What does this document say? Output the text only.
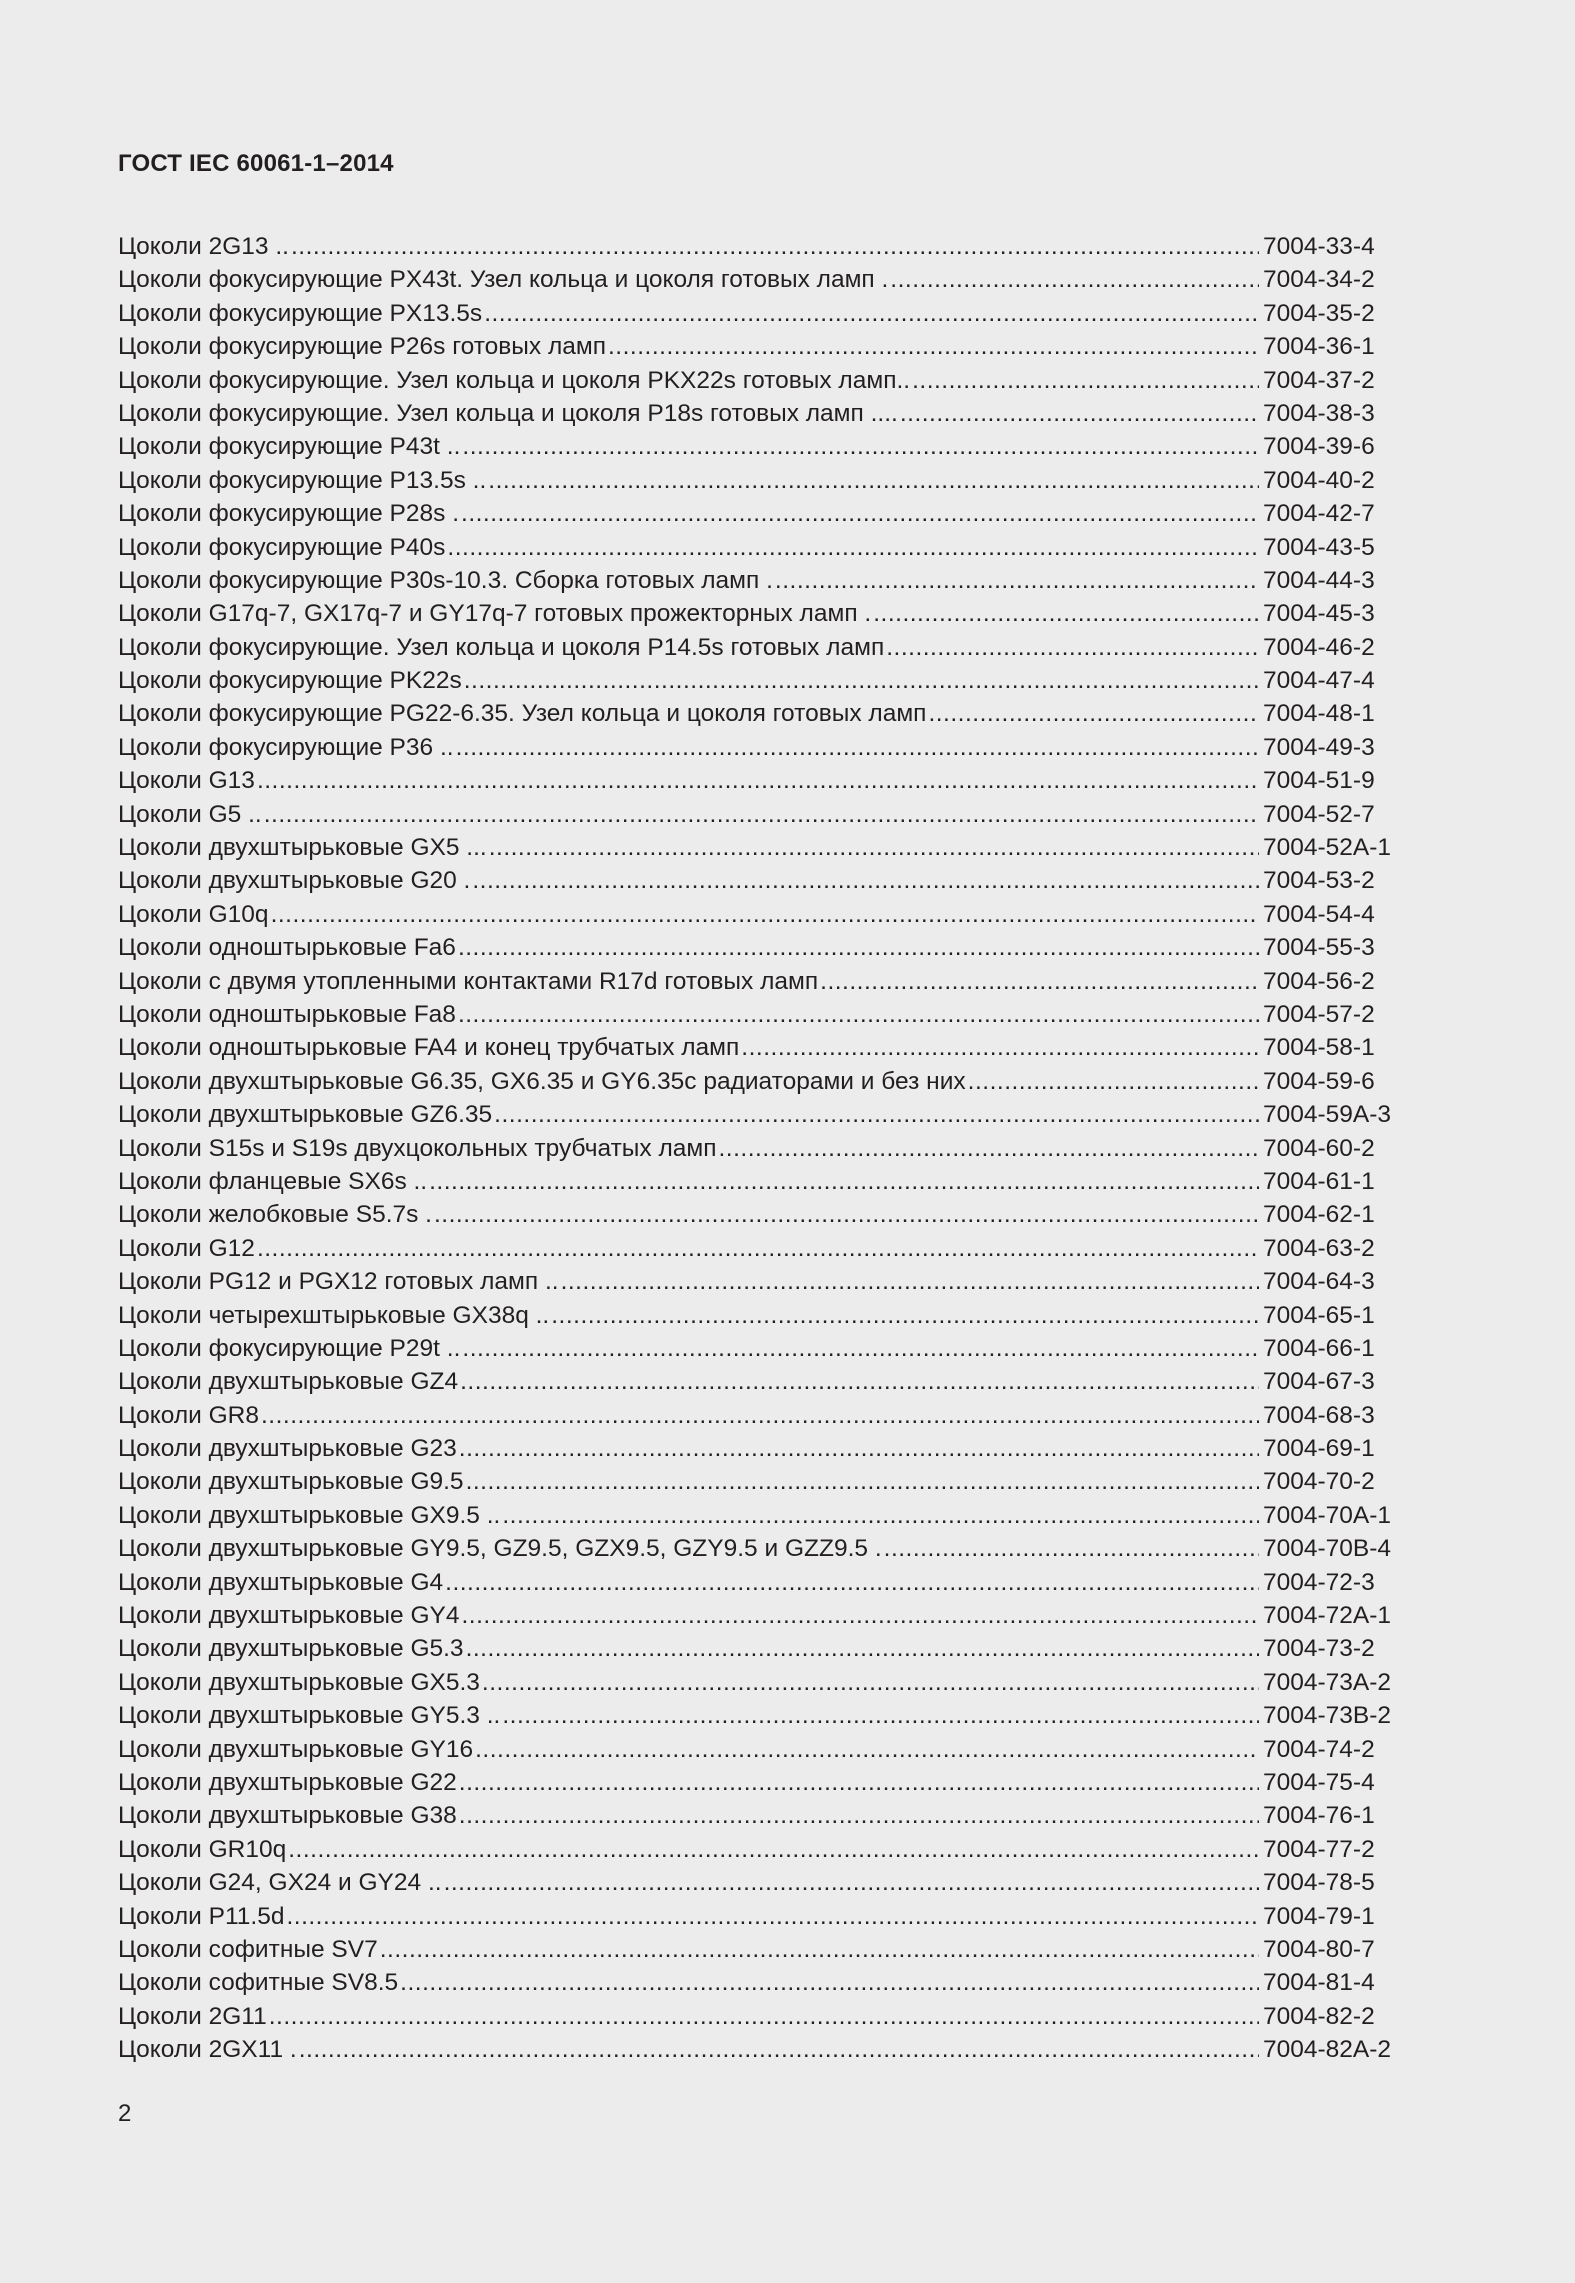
ГОСТ IEC 60061-1–2014
Цоколи 2G13 .. .....	7004-33-4
Цоколи фокусирующие PX43t. Узел кольца и цоколя готовых ламп . .....	7004-34-2
Цоколи фокусирующие PX13.5s .....	7004-35-2
Цоколи фокусирующие P26s готовых ламп .....	7004-36-1
Цоколи фокусирующие. Узел кольца и цоколя PKX22s готовых ламп.. .....	7004-37-2
Цоколи фокусирующие. Узел кольца и цоколя P18s готовых ламп .... .....	7004-38-3
Цоколи фокусирующие P43t .. .....	7004-39-6
Цоколи фокусирующие P13.5s .. .....	7004-40-2
Цоколи фокусирующие P28s . .....	7004-42-7
Цоколи фокусирующие P40s .....	7004-43-5
Цоколи фокусирующие P30s-10.3. Сборка готовых ламп . .....	7004-44-3
Цоколи G17q-7, GX17q-7 и GY17q-7 готовых прожекторных ламп . .....	7004-45-3
Цоколи фокусирующие. Узел кольца и цоколя P14.5s готовых ламп .....	7004-46-2
Цоколи фокусирующие PK22s .....	7004-47-4
Цоколи фокусирующие PG22-6.35. Узел кольца и цоколя готовых ламп .....	7004-48-1
Цоколи фокусирующие P36 .. .....	7004-49-3
Цоколи G13 .....	7004-51-9
Цоколи G5 .. .....	7004-52-7
Цоколи двухштырьковые GX5 ... .....	7004-52A-1
Цоколи двухштырьковые G20 . .....	7004-53-2
Цоколи G10q .....	7004-54-4
Цоколи одноштырьковые Fa6 .....	7004-55-3
Цоколи с двумя утопленными контактами R17d готовых ламп .....	7004-56-2
Цоколи одноштырьковые Fa8 .....	7004-57-2
Цоколи одноштырьковые FA4 и конец трубчатых ламп .....	7004-58-1
Цоколи двухштырьковые G6.35, GX6.35 и GY6.35с радиаторами и без них .....	7004-59-6
Цоколи двухштырьковые GZ6.35 .....	7004-59A-3
Цоколи S15s и S19s двухцокольных трубчатых ламп .....	7004-60-2
Цоколи фланцевые SX6s .. .....	7004-61-1
Цоколи желобковые S5.7s . .....	7004-62-1
Цоколи G12 .....	7004-63-2
Цоколи PG12 и PGX12 готовых ламп .. .....	7004-64-3
Цоколи четырехштырьковые GX38q .. .....	7004-65-1
Цоколи фокусирующие P29t .. .....	7004-66-1
Цоколи двухштырьковые GZ4 .....	7004-67-3
Цоколи GR8 .....	7004-68-3
Цоколи двухштырьковые G23 .....	7004-69-1
Цоколи двухштырьковые G9.5 .....	7004-70-2
Цоколи двухштырьковые GX9.5 .. .....	7004-70A-1
Цоколи двухштырьковые GY9.5, GZ9.5, GZX9.5, GZY9.5 и GZZ9.5 . .....	7004-70B-4
Цоколи двухштырьковые G4 .....	7004-72-3
Цоколи двухштырьковые GY4 .....	7004-72A-1
Цоколи двухштырьковые G5.3 .....	7004-73-2
Цоколи двухштырьковые GX5.3 .....	7004-73A-2
Цоколи двухштырьковые GY5.3 .. .....	7004-73B-2
Цоколи двухштырьковые GY16 .....	7004-74-2
Цоколи двухштырьковые G22 .....	7004-75-4
Цоколи двухштырьковые G38 .....	7004-76-1
Цоколи GR10q .....	7004-77-2
Цоколи G24, GX24 и GY24 .. .....	7004-78-5
Цоколи P11.5d .....	7004-79-1
Цоколи софитные SV7 .....	7004-80-7
Цоколи софитные SV8.5 .....	7004-81-4
Цоколи 2G11 .....	7004-82-2
Цоколи 2GX11 . .....	7004-82A-2
2
